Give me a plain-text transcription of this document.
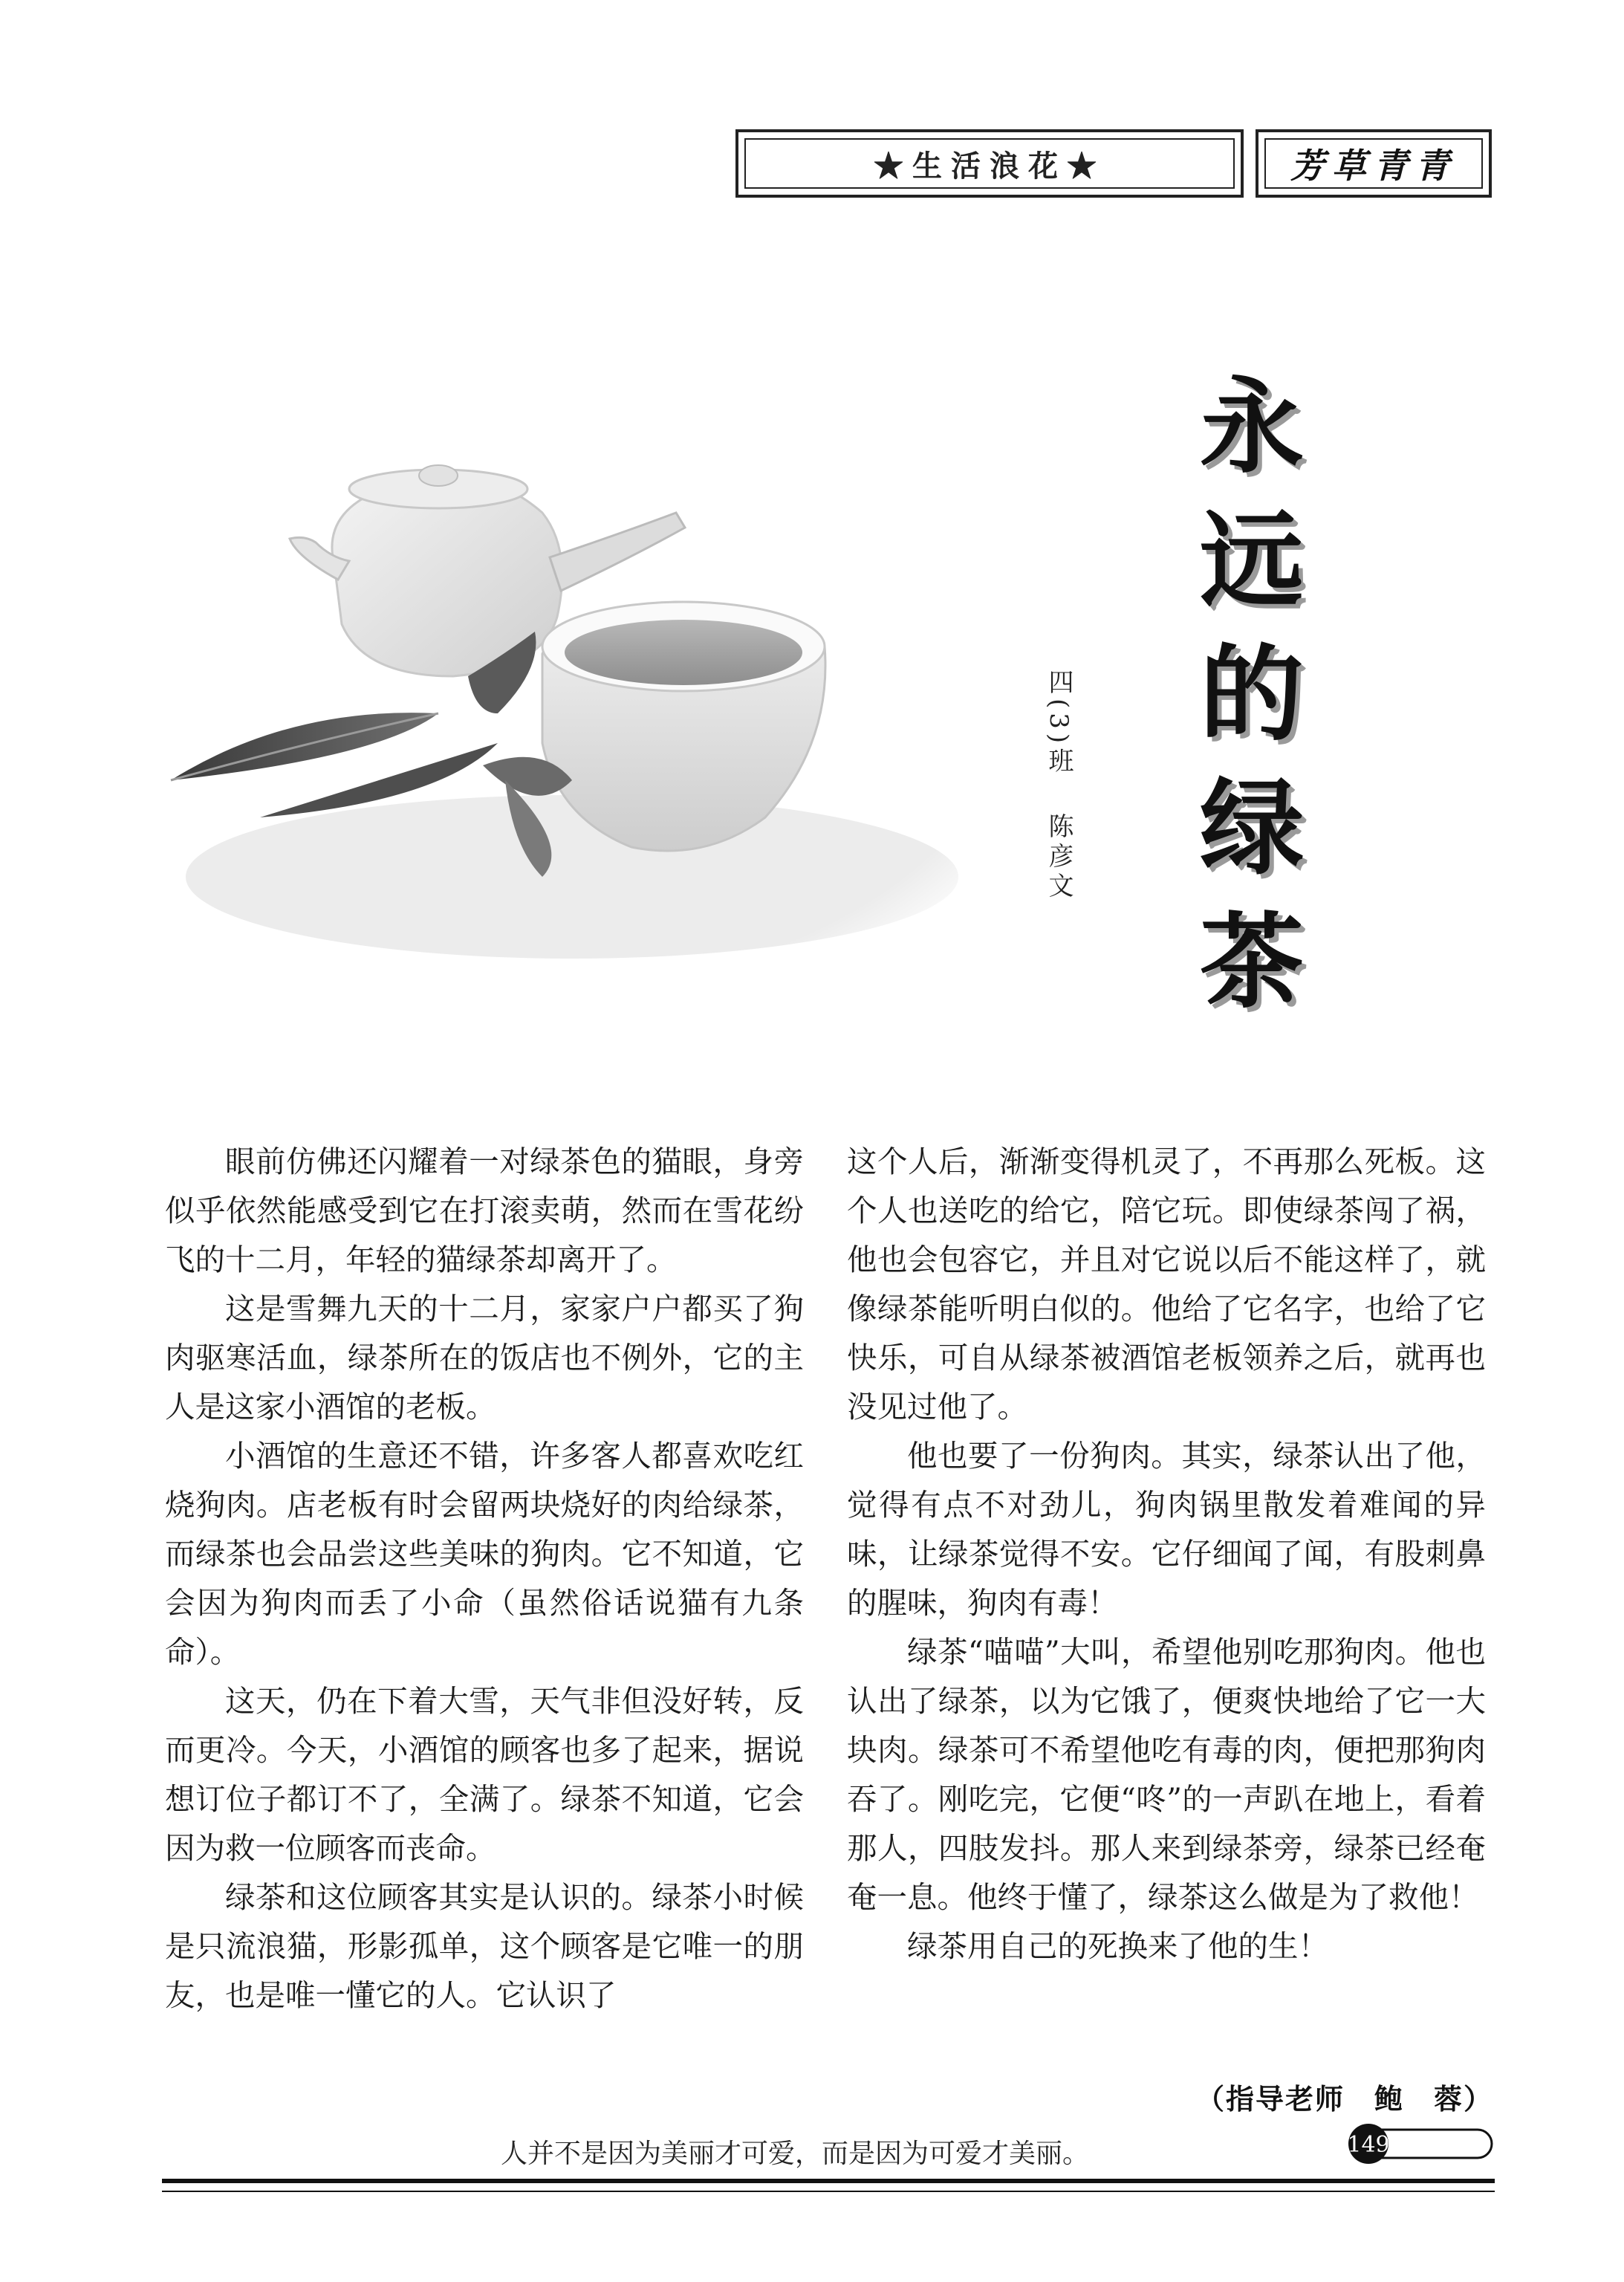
★生活浪花★	芳草青青
永
远
的
绿
茶
四(3)班陈彦文

眼前仿佛还闪耀着一对绿茶色的猫眼，身旁似乎依然能感受到它在打滚卖萌，然而在雪花纷飞的十二月，年轻的猫绿茶却离开了。

这是雪舞九天的十二月，家家户户都买了狗肉驱寒活血，绿茶所在的饭店也不例外，它的主人是这家小酒馆的老板。

小酒馆的生意还不错，许多客人都喜欢吃红烧狗肉。店老板有时会留两块烧好的肉给绿茶，而绿茶也会品尝这些美味的狗肉。它不知道，它会因为狗肉而丢了小命（虽然俗话说猫有九条命）。

这天，仍在下着大雪，天气非但没好转，反而更冷。今天，小酒馆的顾客也多了起来，据说想订位子都订不了，全满了。绿茶不知道，它会因为救一位顾客而丧命。

绿茶和这位顾客其实是认识的。绿茶小时候是只流浪猫，形影孤单，这个顾客是它唯一的朋友，也是唯一懂它的人。它认识了

这个人后，渐渐变得机灵了，不再那么死板。这个人也送吃的给它，陪它玩。即使绿茶闯了祸，他也会包容它，并且对它说以后不能这样了，就像绿茶能听明白似的。他给了它名字，也给了它快乐，可自从绿茶被酒馆老板领养之后，就再也没见过他了。

他也要了一份狗肉。其实，绿茶认出了他，觉得有点不对劲儿，狗肉锅里散发着难闻的异味，让绿茶觉得不安。它仔细闻了闻，有股刺鼻的腥味，狗肉有毒！

绿茶“喵喵”大叫，希望他别吃那狗肉。他也认出了绿茶，以为它饿了，便爽快地给了它一大块肉。绿茶可不希望他吃有毒的肉，便把那狗肉吞了。刚吃完，它便“咚”的一声趴在地上，看着那人，四肢发抖。那人来到绿茶旁，绿茶已经奄奄一息。他终于懂了，绿茶这么做是为了救他！

绿茶用自己的死换来了他的生！

（指导老师　鲍　蓉）
人并不是因为美丽才可爱，而是因为可爱才美丽。	149
